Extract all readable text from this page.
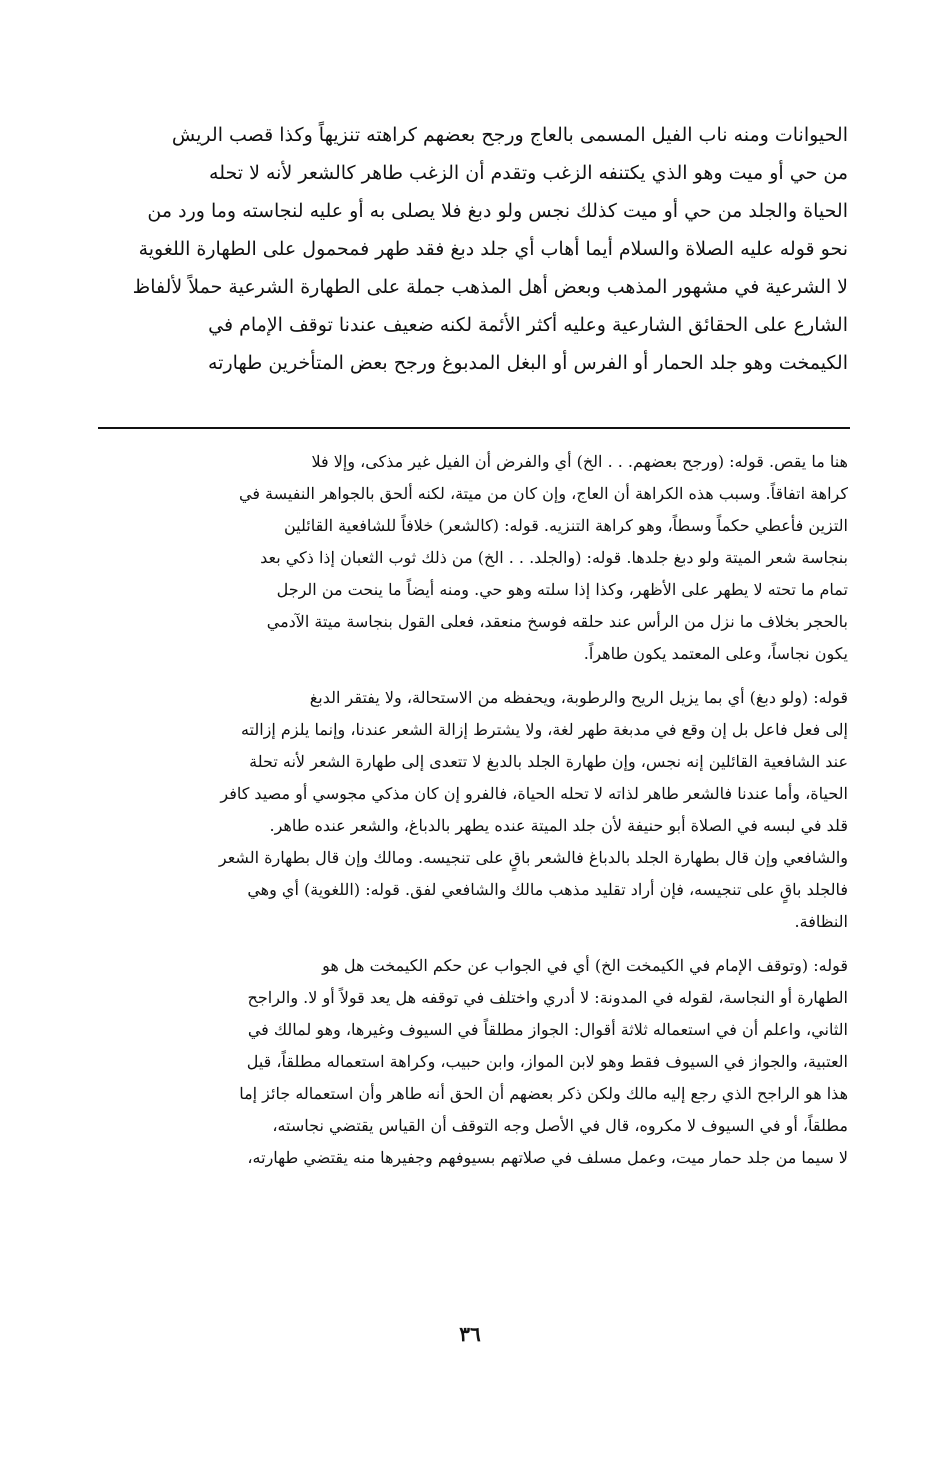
الحيوانات ومنه ناب الفيل المسمى بالعاج ورجح بعضهم كراهته تنزيهاً وكذا قصب الريش
من حي أو ميت وهو الذي يكتنفه الزغب وتقدم أن الزغب طاهر كالشعر لأنه لا تحله
الحياة والجلد من حي أو ميت كذلك نجس ولو دبغ فلا يصلى به أو عليه لنجاسته وما ورد من
نحو قوله عليه الصلاة والسلام أيما أهاب أي جلد دبغ فقد طهر فمحمول على الطهارة اللغوية
لا الشرعية في مشهور المذهب وبعض أهل المذهب جملة على الطهارة الشرعية حملاً لألفاظ
الشارع على الحقائق الشارعية وعليه أكثر الأئمة لكنه ضعيف عندنا توقف الإمام في
الكيمخت وهو جلد الحمار أو الفرس أو البغل المدبوغ ورجح بعض المتأخرين طهارته
هنا ما يقص. قوله: (ورجح بعضهم. . . الخ) أي والفرض أن الفيل غير مذكى، وإلا فلا
كراهة اتفاقاً. وسبب هذه الكراهة أن العاج، وإن كان من ميتة، لكنه ألحق بالجواهر النفيسة في
التزين فأعطي حكماً وسطاً، وهو كراهة التنزيه. قوله: (كالشعر) خلافاً للشافعية القائلين
بنجاسة شعر الميتة ولو دبغ جلدها. قوله: (والجلد. . . الخ) من ذلك ثوب الثعبان إذا ذكي بعد
تمام ما تحته لا يطهر على الأظهر، وكذا إذا سلته وهو حي. ومنه أيضاً ما ينحت من الرجل
بالحجر بخلاف ما نزل من الرأس عند حلقه فوسخ منعقد، فعلى القول بنجاسة ميتة الآدمي
يكون نجاساً، وعلى المعتمد يكون طاهراً.
قوله: (ولو دبغ) أي بما يزيل الريح والرطوبة، ويحفظه من الاستحالة، ولا يفتقر الدبغ
إلى فعل فاعل بل إن وقع في مدبغة طهر لغة، ولا يشترط إزالة الشعر عندنا، وإنما يلزم إزالته
عند الشافعية القائلين إنه نجس، وإن طهارة الجلد بالدبغ لا تتعدى إلى طهارة الشعر لأنه تحلة
الحياة، وأما عندنا فالشعر طاهر لذاته لا تحله الحياة، فالفرو إن كان مذكي مجوسي أو مصيد كافر
قلد في لبسه في الصلاة أبو حنيفة لأن جلد الميتة عنده يطهر بالدباغ، والشعر عنده طاهر.
والشافعي وإن قال بطهارة الجلد بالدباغ فالشعر باقٍ على تنجيسه. ومالك وإن قال بطهارة الشعر
فالجلد باقٍ على تنجيسه، فإن أراد تقليد مذهب مالك والشافعي لفق. قوله: (اللغوية) أي وهي
النظافة.
قوله: (وتوقف الإمام في الكيمخت الخ) أي في الجواب عن حكم الكيمخت هل هو
الطهارة أو النجاسة، لقوله في المدونة: لا أدري واختلف في توقفه هل يعد قولاً أو لا. والراجح
الثاني، واعلم أن في استعماله ثلاثة أقوال: الجواز مطلقاً في السيوف وغيرها، وهو لمالك في
العتبية، والجواز في السيوف فقط وهو لابن المواز، وابن حبيب، وكراهة استعماله مطلقاً، قيل
هذا هو الراجح الذي رجع إليه مالك ولكن ذكر بعضهم أن الحق أنه طاهر وأن استعماله جائز إما
مطلقاً، أو في السيوف لا مكروه، قال في الأصل وجه التوقف أن القياس يقتضي نجاسته،
لا سيما من جلد حمار ميت، وعمل مسلف في صلاتهم بسيوفهم وجفيرها منه يقتضي طهارته،
٣٦
